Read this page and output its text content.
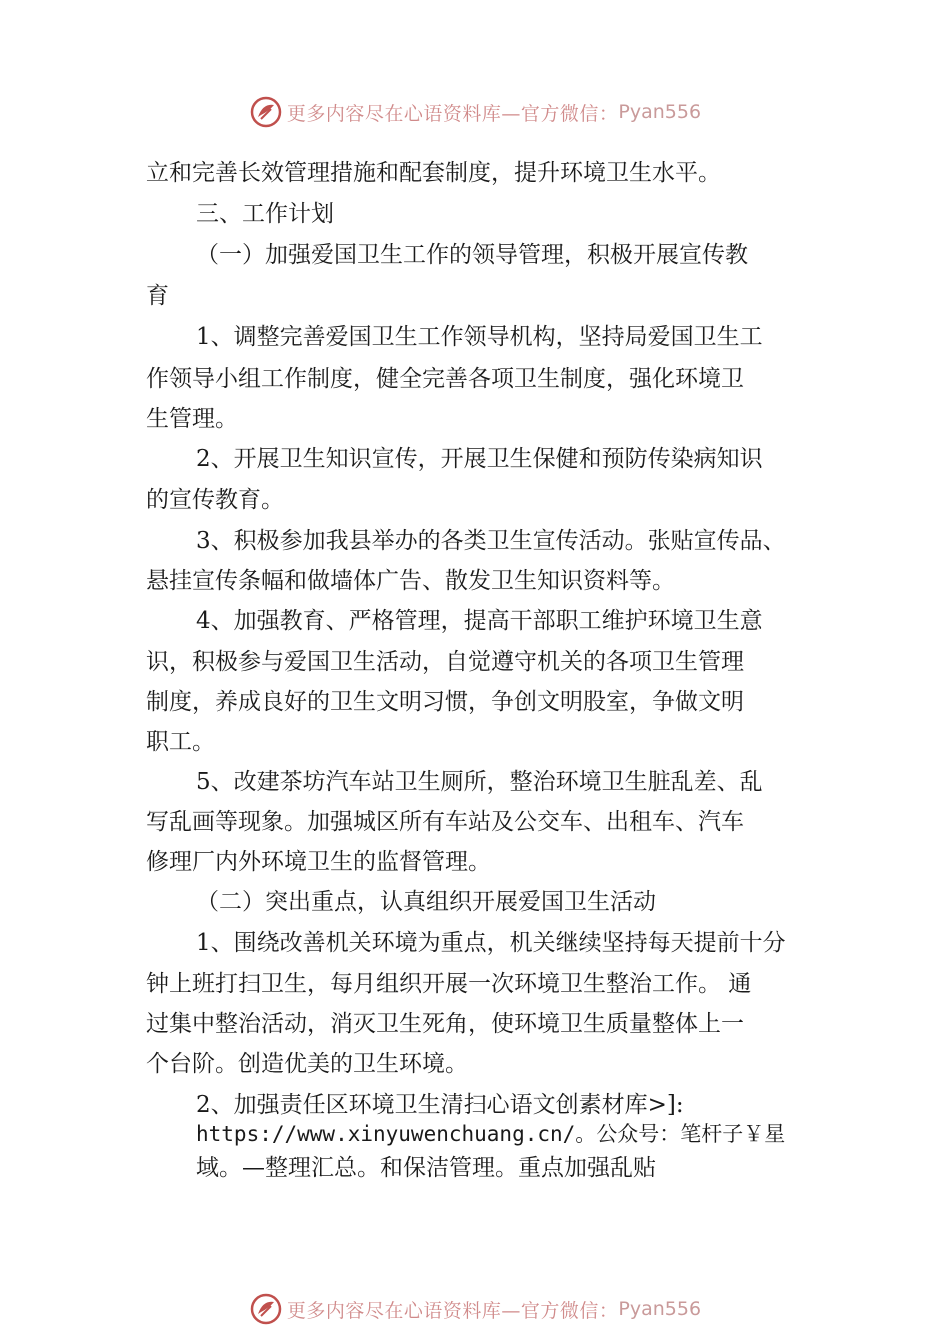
更多内容尽在心语资料库—官方微信： Pyan556
立和完善长效管理措施和配套制度，提升环境卫生水平。
三、工作计划
（一）加强爱国卫生工作的领导管理，积极开展宣传教
育
1、调整完善爱国卫生工作领导机构，坚持局爱国卫生工
作领导小组工作制度，健全完善各项卫生制度，强化环境卫
生管理。
2、开展卫生知识宣传，开展卫生保健和预防传染病知识
的宣传教育。
3、积极参加我县举办的各类卫生宣传活动。张贴宣传品、
悬挂宣传条幅和做墙体广告、散发卫生知识资料等。
4、加强教育、严格管理，提高干部职工维护环境卫生意
识，积极参与爱国卫生活动，自觉遵守机关的各项卫生管理
制度，养成良好的卫生文明习惯，争创文明股室，争做文明
职工。
5、改建茶坊汽车站卫生厕所，整治环境卫生脏乱差、乱
写乱画等现象。加强城区所有车站及公交车、出租车、汽车
修理厂内外环境卫生的监督管理。
（二）突出重点，认真组织开展爱国卫生活动
1、围绕改善机关环境为重点，机关继续坚持每天提前十分
钟上班打扫卫生，每月组织开展一次环境卫生整治工作。 通
过集中整治活动，消灭卫生死角，使环境卫生质量整体上一
个台阶。创造优美的卫生环境。
2、加强责任区环境卫生清扫心语文创素材库>]:
https://www.xinyuwenchuang.cn/。公众号：笔杆子￥星
域。—整理汇总。和保洁管理。重点加强乱贴
更多内容尽在心语资料库—官方微信： Pyan556
